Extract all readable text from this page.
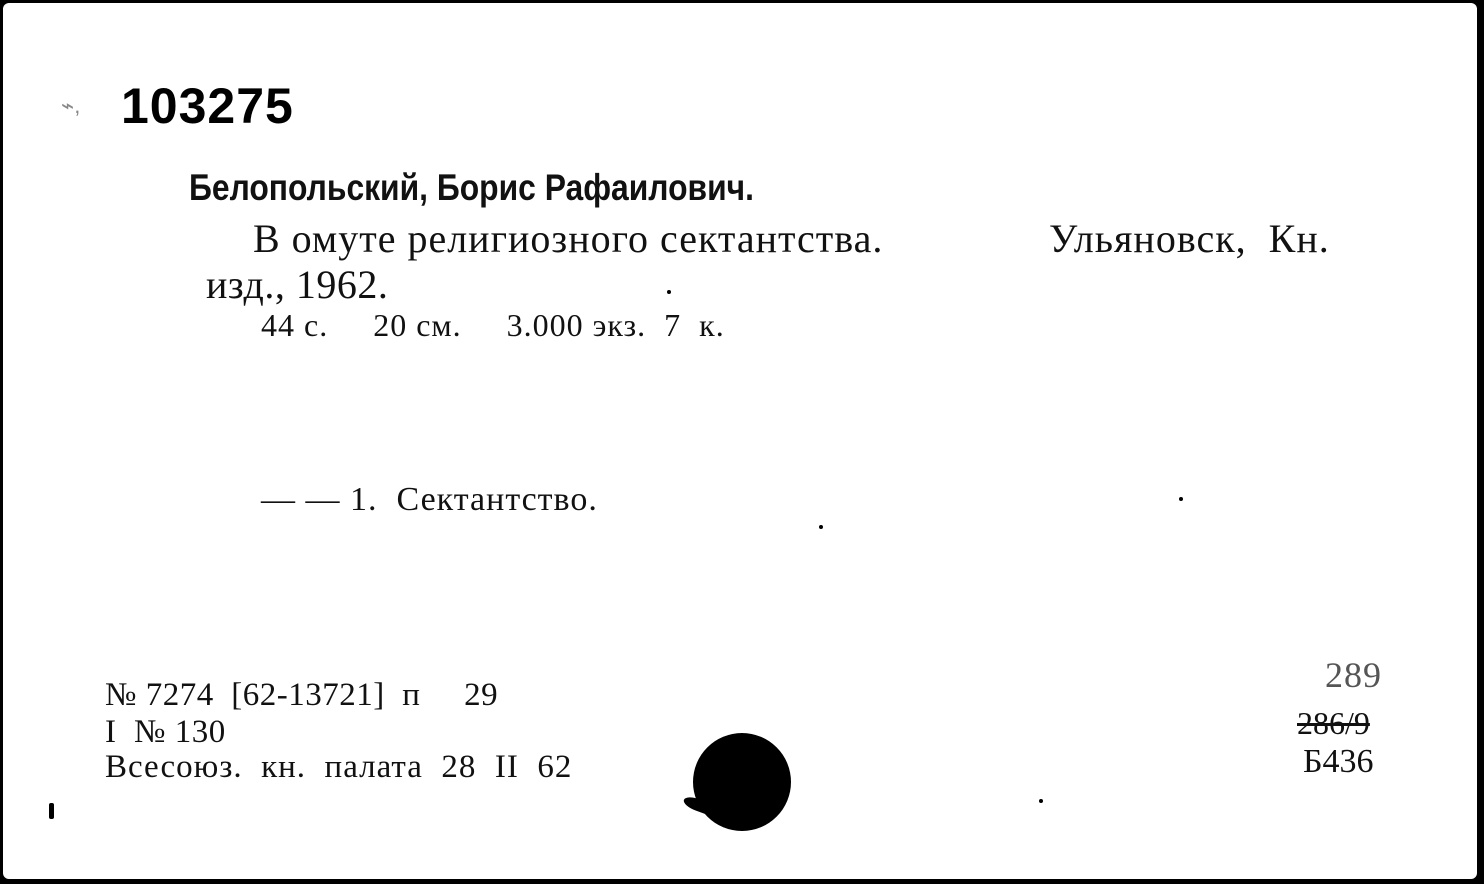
⌁, 103275
Белопольский, Борис Рафаилович.
В омуте религиозного сектантства.	Ульяновск,  Кн.
изд., 1962.
44 с.     20 см.     3.000 экз.  7  к.
— — 1.  Сектантство.
№ 7274  [62-13721]  п     29
I  № 130
Всесоюз.  кн.  палата  28  II  62
289
286/9
Б436
